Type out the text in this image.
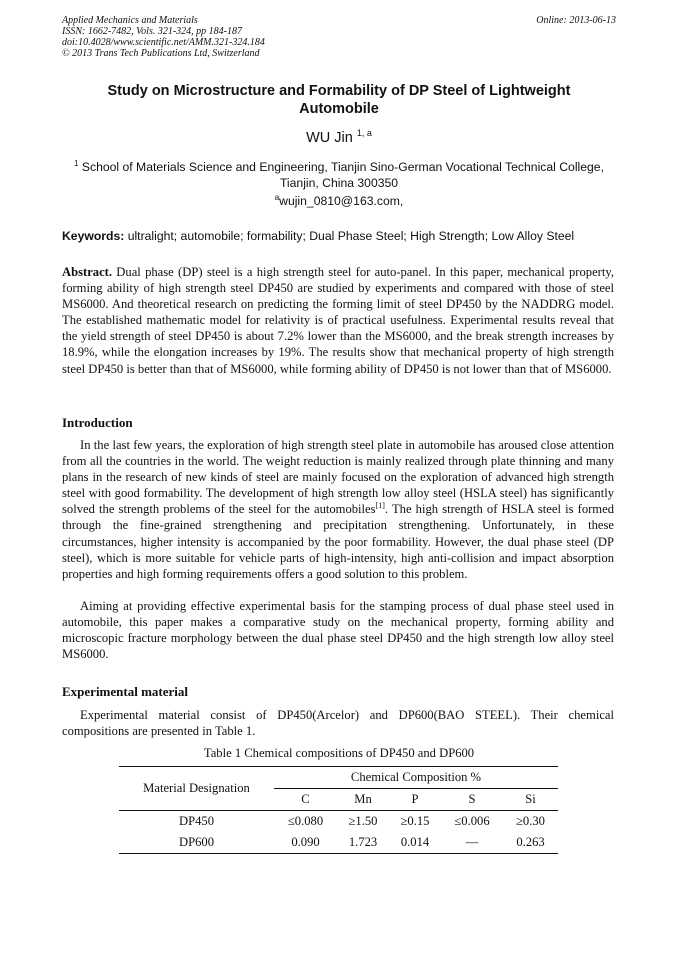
Applied Mechanics and Materials
ISSN: 1662-7482, Vols. 321-324, pp 184-187
doi:10.4028/www.scientific.net/AMM.321-324.184
© 2013 Trans Tech Publications Ltd, Switzerland
Online: 2013-06-13
Study on Microstructure and Formability of DP Steel of Lightweight
Automobile
WU Jin $^{1, a}$
$^1$ School of Materials Science and Engineering, Tianjin Sino-German Vocational Technical College,
Tianjin, China 300350
$^a$wujin_0810@163.com,
Keywords: ultralight; automobile; formability; Dual Phase Steel; High Strength; Low Alloy Steel

Abstract. Dual phase (DP) steel is a high strength steel for auto-panel. In this paper, mechanical property, forming ability of high strength steel DP450 are studied by experiments and compared with those of steel MS6000. And theoretical research on predicting the forming limit of steel DP450 by the NADDRG model. The established mathematic model for relativity is of practical usefulness. Experimental results reveal that the yield strength of steel DP450 is about 7.2% lower than the MS6000, and the break strength increases by 18.9%, while the elongation increases by 19%. The results show that mechanical property of high strength steel DP450 is better than that of MS6000, while forming ability of DP450 is not lower than that of MS6000.

Introduction

In the last few years, the exploration of high strength steel plate in automobile has aroused close attention from all the countries in the world. The weight reduction is mainly realized through plate thinning and many plans in the research of new kinds of steel are mainly focused on the exploration of advanced high strength steel with good formability. The development of high strength low alloy steel (HSLA steel) has significantly solved the strength problems of the steel for the automobiles[1]. The high strength of HSLA steel is formed through the fine-grained strengthening and precipitation strengthening. Unfortunately, in these circumstances, higher intensity is accompanied by the poor formability. However, the dual phase steel (DP steel), which is more suitable for vehicle parts of high-intensity, high anti-collision and impact absorption properties and high forming requirements offers a good solution to this problem.

Aiming at providing effective experimental basis for the stamping process of dual phase steel used in automobile, this paper makes a comparative study on the mechanical property, forming ability and microscopic fracture morphology between the dual phase steel DP450 and the high strength low alloy steel MS6000.

Experimental material

Experimental material consist of DP450(Arcelor) and DP600(BAO STEEL). Their chemical compositions are presented in Table 1.

Table 1 Chemical compositions of DP450 and DP600
Material Designation	Chemical Composition %				
	C	Mn	P	S	Si
DP450	≤0.080	≥1.50	≥0.15	≤0.006	≥0.30
DP600	0.090	1.723	0.014	—	0.263
